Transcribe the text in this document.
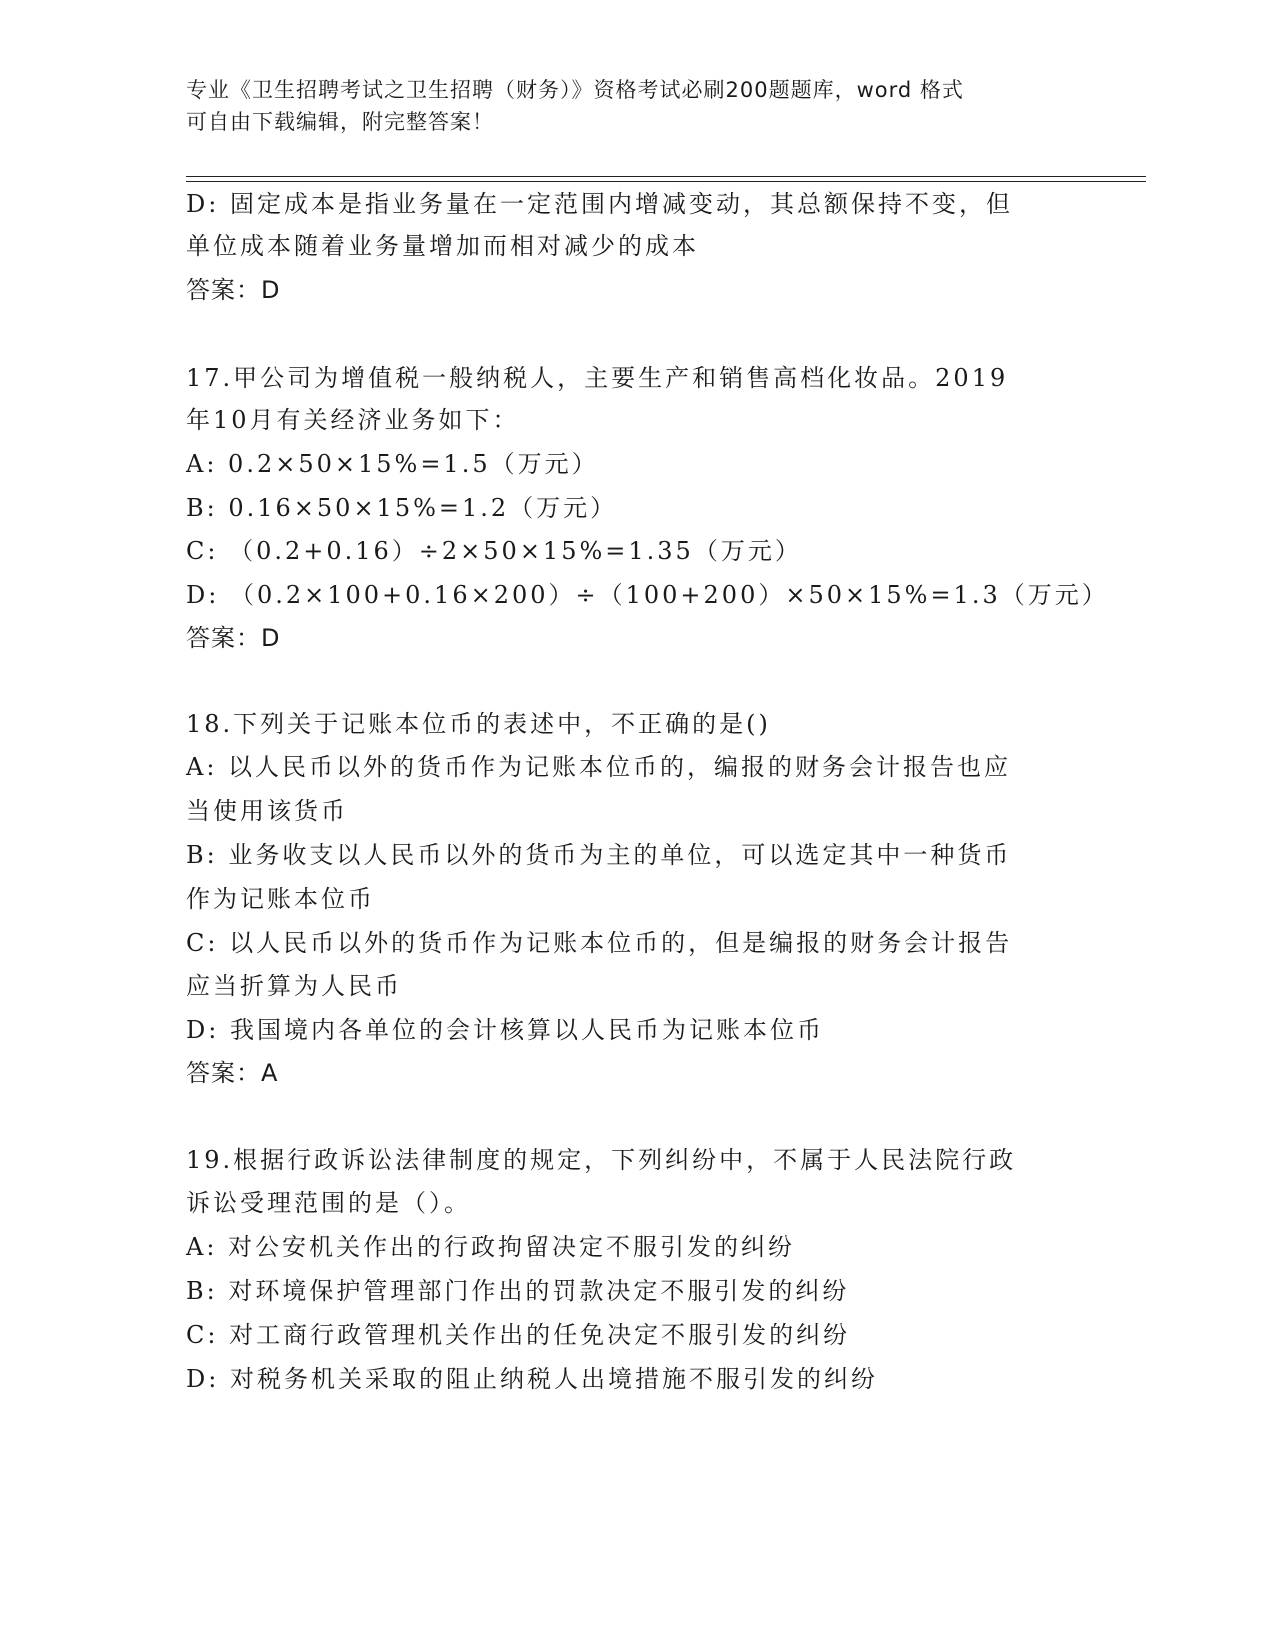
专业《卫生招聘考试之卫生招聘（财务）》资格考试必刷200题题库，word 格式
可自由下载编辑，附完整答案！
D: 固定成本是指业务量在一定范围内增减变动，其总额保持不变，但
单位成本随着业务量增加而相对减少的成本
答案：D
17.甲公司为增值税一般纳税人，主要生产和销售高档化妆品。2019
年10月有关经济业务如下：
A: 0.2×50×15%=1.5（万元）
B: 0.16×50×15%=1.2（万元）
C: （0.2+0.16）÷2×50×15%=1.35（万元）
D: （0.2×100+0.16×200）÷（100+200）×50×15%=1.3（万元）
答案：D
18.下列关于记账本位币的表述中，不正确的是()
A: 以人民币以外的货币作为记账本位币的，编报的财务会计报告也应
当使用该货币
B: 业务收支以人民币以外的货币为主的单位，可以选定其中一种货币
作为记账本位币
C: 以人民币以外的货币作为记账本位币的，但是编报的财务会计报告
应当折算为人民币
D: 我国境内各单位的会计核算以人民币为记账本位币
答案：A
19.根据行政诉讼法律制度的规定，下列纠纷中，不属于人民法院行政
诉讼受理范围的是（）。
A: 对公安机关作出的行政拘留决定不服引发的纠纷
B: 对环境保护管理部门作出的罚款决定不服引发的纠纷
C: 对工商行政管理机关作出的任免决定不服引发的纠纷
D: 对税务机关采取的阻止纳税人出境措施不服引发的纠纷
